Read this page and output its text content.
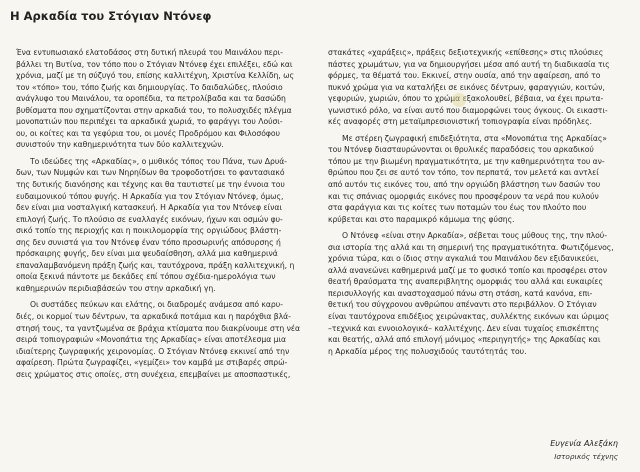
Η Αρκαδία του Στόγιαν Ντόνεφ
Ένα εντυπωσιακό ελατοδάσος στη δυτική πλευρά του Μαινάλου περι-
βάλλει τη Βυτίνα, τον τόπο που ο Στόγιαν Ντόνεφ έχει επιλέξει, εδώ και
χρόνια, μαζί με τη σύζυγό του, επίσης καλλιτέχνη, Χριστίνα Κελλίδη, ως
τον «τόπο» του, τόπο ζωής και δημιουργίας. Το δαιδαλώδες, πλούσιο
ανάγλυφο του Μαινάλου, τα οροπέδια, τα πετρολίβαδα και τα δασώδη
βυθίσματα που σχηματίζονται στην αρκαδιά του, το πολυσχιδές πλέγμα
μονοπατιών που περιπέχει τα αρκαδικά χωριά, το φαράγγι του Λούσι-
ου, οι κοίτες και τα γεφύρια του, οι μονές Προδρόμου και Φιλοσόφου
συνιστούν την καθημερινότητα των δύο καλλιτεχνών.
Το ιδεώδες της «Αρκαδίας», ο μυθικός τόπος του Πάνα, των Δρυά-
δων, των Νυμφών και των Νηρηίδων θα τροφοδοτήσει το φαντασιακό
της δυτικής διανόησης και τέχνης και θα ταυτιστεί με την έννοια του
ευδαιμονικού τόπου φυγής. Η Αρκαδία για τον Στόγιαν Ντόνεφ, όμως,
δεν είναι μια νοσταλγική κατασκευή. Η Αρκαδία για τον Ντόνεφ είναι
επιλογή ζωής. Το πλούσιο σε εναλλαγές εικόνων, ήχων και οσμών φυ-
σικό τοπίο της περιοχής και η ποικιλομορφία της οργιώδους βλάστη-
σης δεν συνιστά για τον Ντόνεφ έναν τόπο προσωρινής απόσυρσης ή
πρόσκαιρης φυγής, δεν είναι μια ψευδαίσθηση, αλλά μια καθημερινά
επαναλαμβανόμενη πράξη ζωής και, ταυτόχρονα, πράξη καλλιτεχνική, η
οποία ξεκινά πάντοτε με δεκάδες επί τόπου σχέδια-ημερολόγια των
καθημερινών περιδιαβάσεών του στην αρκαδική γη.
Οι συστάδες πεύκων και ελάτης, οι διαδρομές ανάμεσα από καρυ-
διές, οι κορμοί των δέντρων, τα αρκαδικά ποτάμια και η παρόχθια βλά-
στησή τους, τα γαντζωμένα σε βράχια κτίσματα που διακρίνουμε στη νέα
σειρά τοπιογραφιών «Μονοπάτια της Αρκαδίας» είναι αποτέλεσμα μια
ιδιαίτερης ζωγραφικής χειρονομίας. Ο Στόγιαν Ντόνεφ εκκινεί από την
αφαίρεση. Πρώτα ζωγραφίζει, «γεμίζει» τον καμβά με στιβαρές σπρώ-
σεις χρώματος στις οποίες, στη συνέχεια, επεμβαίνει με αποσπαστικές,
στακάτες «χαράξεις», πράξεις δεξιοτεχνικής «επίθεσης» στις πλούσιες
πάστες χρωμάτων, για να δημιουργήσει μέσα από αυτή τη διαδικασία τις
φόρμες, τα θέματά του. Εκκινεί, στην ουσία, από την αφαίρεση, από το
πυκνό χρώμα για να καταλήξει σε εικόνες δέντρων, φαραγγιών, κοιτών,
γεφυριών, χωριών, όπου το χρώμα εξακολουθεί, βέβαια, να έχει πρωτα-
γωνιστικό ρόλο, να είναι αυτό που διαμορφώνει τους όγκους. Οι εικαστι-
κές αναφορές στη μεταϊμπρεσιονιστική τοπιογραφία είναι πρόδηλες.
Με στέρεη ζωγραφική επιδεξιότητα, στα «Μονοπάτια της Αρκαδίας»
του Ντόνεφ διασταυρώνονται οι θρυλικές παραδόσεις του αρκαδικού
τόπου με την βιωμένη πραγματικότητα, με την καθημερινότητα του αν-
θρώπου που ζει σε αυτό τον τόπο, τον περπατά, τον μελετά και αντλεί
από αυτόν τις εικόνες του, από την οργιώδη βλάστηση των δασών του
και τις σπάνιας ομορφιάς εικόνες που προσφέρουν τα νερά που κυλούν
στα φαράγγια και τις κοίτες των ποταμών του έως τον πλούτο που
κρύβεται και στο παραμικρό κάμωμα της φύσης.
Ο Ντόνεφ «είναι στην Αρκαδία», σέβεται τους μύθους της, την πλού-
σια ιστορία της αλλά και τη σημερινή της πραγματικότητα. Φωτιζόμενος,
χρόνια τώρα, και ο ίδιος στην αγκαλιά του Μαινάλου δεν εξιδανικεύει,
αλλά ανανεώνει καθημερινά μαζί με το φυσικό τοπίο και προσφέρει στον
θεατή θραύσματα της αναπεριβλητης ομορφιάς του αλλά και ευκαιρίες
περισυλλογής και αναστοχασμού πάνω στη στάση, κατά κανόνα, επι-
θετική του σύγχρονου ανθρώπου απέναντι στο περιβάλλον. Ο Στόγιαν
είναι ταυτόχρονα επιδέξιος χειρώνακτας, συλλέκτης εικόνων και ώριμος
–τεχνικά και εννοιολογικά– καλλιτέχνης. Δεν είναι τυχαίος επισκέπτης
και θεατής, αλλά από επιλογή μόνιμος «περιηγητής» της Αρκαδίας και
η Αρκαδία μέρος της πολυσχιδούς ταυτότητάς του.
Ευγενία Αλεξάκη
Ιστορικός τέχνης
